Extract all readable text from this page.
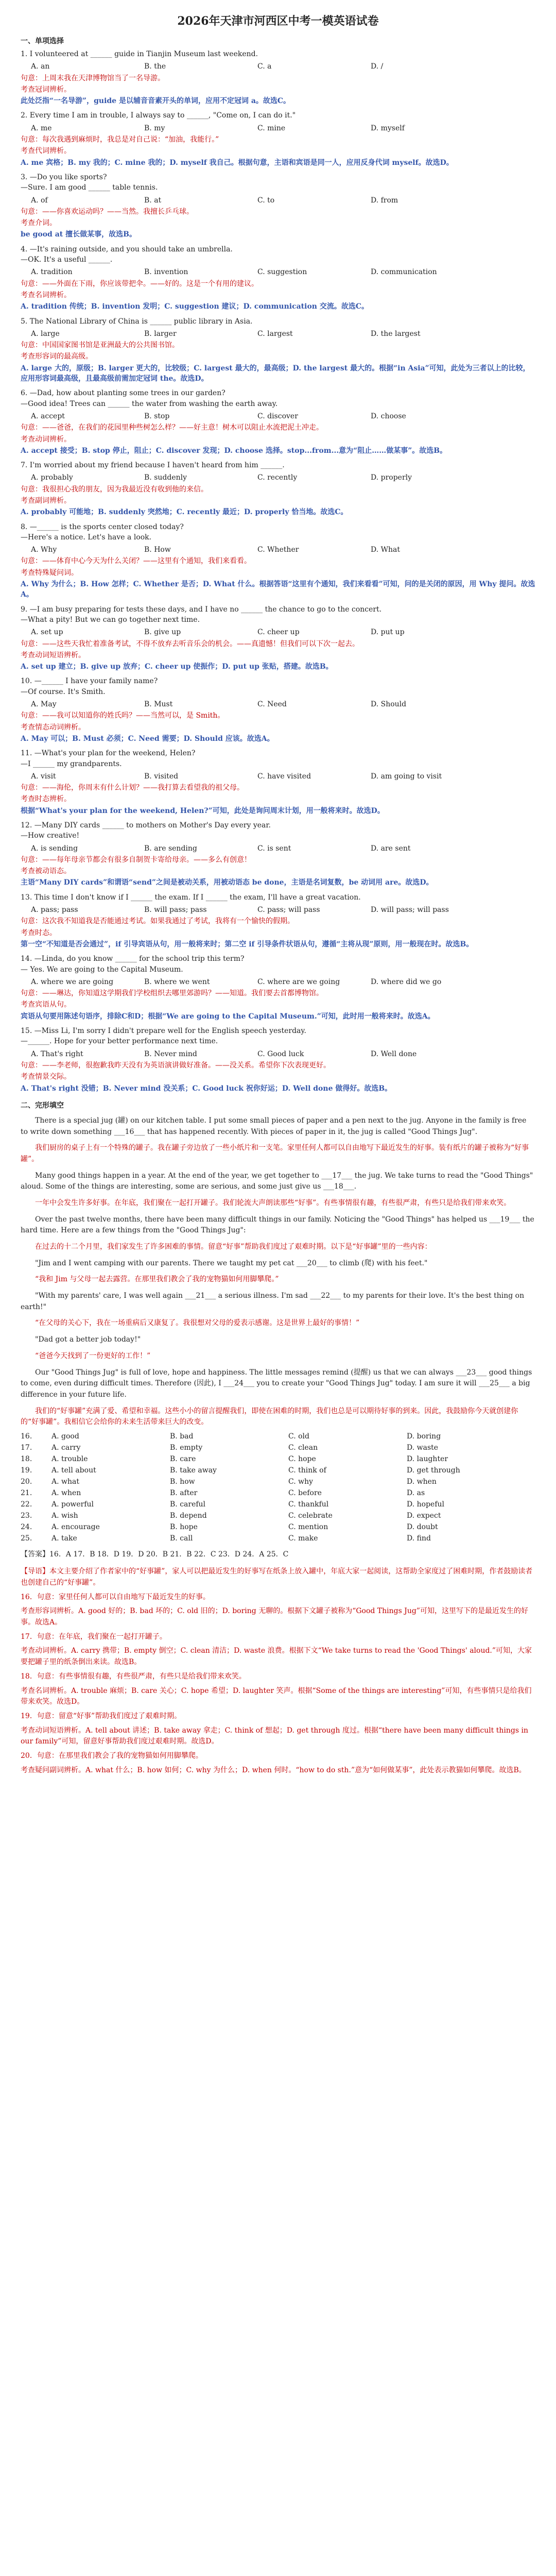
2026年天津市河西区中考一模英语试卷
一、单项选择
1. I volunteered at ______ guide in Tianjin Museum last weekend.
A. an	B. the	C. a	D. /
句意：上周末我在天津博物馆当了一名导游。
考查冠词辨析。
此处泛指“一名导游”，guide 是以辅音音素开头的单词，应用不定冠词 a。故选C。
2. Every time I am in trouble, I always say to ______, "Come on, I can do it."
A. me	B. my	C. mine	D. myself
句意：每次我遇到麻烦时，我总是对自己说：“加油，我能行。”
考查代词辨析。
A. me 宾格；B. my 我的；C. mine 我的；D. myself 我自己。根据句意，主语和宾语是同一人，应用反身代词 myself。故选D。
3. —Do you like sports?
—Sure. I am good ______ table tennis.
A. of	B. at	C. to	D. from
句意：——你喜欢运动吗？——当然。我擅长乒乓球。
考查介词。
be good at 擅长做某事，故选B。
4. —It's raining outside, and you should take an umbrella.
—OK. It's a useful ______.
A. tradition	B. invention	C. suggestion	D. communication
句意：——外面在下雨，你应该带把伞。——好的。这是一个有用的建议。
考查名词辨析。
A. tradition 传统；B. invention 发明；C. suggestion 建议；D. communication 交流。故选C。
5. The National Library of China is ______ public library in Asia.
A. large	B. larger	C. largest	D. the largest
句意：中国国家图书馆是亚洲最大的公共图书馆。
考查形容词的最高级。
A. large 大的，原级；B. larger 更大的，比较级；C. largest 最大的，最高级；D. the largest 最大的。根据“in Asia”可知，此处为三者以上的比较，应用形容词最高级，且最高级前需加定冠词 the。故选D。
6. —Dad, how about planting some trees in our garden?
—Good idea! Trees can ______ the water from washing the earth away.
A. accept	B. stop	C. discover	D. choose
句意：——爸爸，在我们的花园里种些树怎么样？——好主意！树木可以阻止水流把泥土冲走。
考查动词辨析。
A. accept 接受；B. stop 停止，阻止；C. discover 发现；D. choose 选择。stop...from...意为“阻止……做某事”。故选B。
7. I'm worried about my friend because I haven't heard from him ______.
A. probably	B. suddenly	C. recently	D. properly
句意：我很担心我的朋友，因为我最近没有收到他的来信。
考查副词辨析。
A. probably 可能地；B. suddenly 突然地；C. recently 最近；D. properly 恰当地。故选C。
8. —______ is the sports center closed today?
—Here's a notice. Let's have a look.
A. Why	B. How	C. Whether	D. What
句意：——体育中心今天为什么关闭？——这里有个通知，我们来看看。
考查特殊疑问词。
A. Why 为什么；B. How 怎样；C. Whether 是否；D. What 什么。根据答语“这里有个通知，我们来看看”可知，问的是关闭的原因，用 Why 提问。故选A。
9. —I am busy preparing for tests these days, and I have no ______ the chance to go to the concert.
—What a pity! But we can go together next time.
A. set up	B. give up	C. cheer up	D. put up
句意：——这些天我忙着准备考试，不得不放弃去听音乐会的机会。——真遗憾！但我们可以下次一起去。
考查动词短语辨析。
A. set up 建立；B. give up 放弃；C. cheer up 使振作；D. put up 张贴，搭建。故选B。
10. —______ I have your family name?
—Of course. It's Smith.
A. May	B. Must	C. Need	D. Should
句意：——我可以知道你的姓氏吗？——当然可以，是 Smith。
考查情态动词辨析。
A. May 可以；B. Must 必须；C. Need 需要；D. Should 应该。故选A。
11. —What's your plan for the weekend, Helen?
—I ______ my grandparents.
A. visit	B. visited	C. have visited	D. am going to visit
句意：——海伦，你周末有什么计划？——我打算去看望我的祖父母。
考查时态辨析。
根据“What's your plan for the weekend, Helen?”可知，此处是询问周末计划，用一般将来时。故选D。
12. —Many DIY cards ______ to mothers on Mother's Day every year.
—How creative!
A. is sending	B. are sending	C. is sent	D. are sent
句意：——每年母亲节都会有很多自制贺卡寄给母亲。——多么有创意！
考查被动语态。
主语“Many DIY cards”和谓语“send”之间是被动关系，用被动语态 be done，主语是名词复数，be 动词用 are。故选D。
13. This time I don't know if I ______ the exam. If I ______ the exam, I'll have a great vacation.
A. pass; pass	B. will pass; pass	C. pass; will pass	D. will pass; will pass
句意：这次我不知道我是否能通过考试。如果我通过了考试，我将有一个愉快的假期。
考查时态。
第一空“不知道是否会通过”，if 引导宾语从句，用一般将来时；第二空 if 引导条件状语从句，遵循“主将从现”原则，用一般现在时。故选B。
14. —Linda, do you know ______ for the school trip this term?
— Yes. We are going to the Capital Museum.
A. where we are going	B. where we went	C. where are we going	D. where did we go
句意：——琳达，你知道这学期我们学校组织去哪里郊游吗？——知道。我们要去首都博物馆。
考查宾语从句。
宾语从句要用陈述句语序，排除C和D；根据“We are going to the Capital Museum.”可知，此时用一般将来时。故选A。
15. —Miss Li, I'm sorry I didn't prepare well for the English speech yesterday.
—______. Hope for your better performance next time.
A. That's right	B. Never mind	C. Good luck	D. Well done
句意：——李老师，很抱歉我昨天没有为英语演讲做好准备。——没关系。希望你下次表现更好。
考查情景交际。
A. That's right 没错；B. Never mind 没关系；C. Good luck 祝你好运；D. Well done 做得好。故选B。
二、完形填空

There is a special jug (罐) on our kitchen table. I put some small pieces of paper and a pen next to the jug. Anyone in the family is free to write down something ___16___ that has happened recently. With pieces of paper in it, the jug is called "Good Things Jug".

我们厨房的桌子上有一个特殊的罐子。我在罐子旁边放了一些小纸片和一支笔。家里任何人都可以自由地写下最近发生的好事。装有纸片的罐子被称为“好事罐”。

Many good things happen in a year. At the end of the year, we get together to ___17___ the jug. We take turns to read the "Good Things" aloud. Some of the things are interesting, some are serious, and some just give us ___18___.

一年中会发生许多好事。在年底，我们聚在一起打开罐子。我们轮流大声朗读那些“好事”。有些事情很有趣，有些很严肃，有些只是给我们带来欢笑。

Over the past twelve months, there have been many difficult things in our family. Noticing the "Good Things" has helped us ___19___ the hard time. Here are a few things from the "Good Things Jug":

在过去的十二个月里，我们家发生了许多困难的事情。留意“好事”帮助我们度过了艰难时期。以下是“好事罐”里的一些内容：

"Jim and I went camping with our parents. There we taught my pet cat ___20___ to climb (爬) with his feet."

“我和 Jim 与父母一起去露营。在那里我们教会了我的宠物猫如何用脚攀爬。”

"With my parents' care, I was well again ___21___ a serious illness. I'm sad ___22___ to my parents for their love. It's the best thing on earth!"

“在父母的关心下，我在一场重病后又康复了。我很想对父母的爱表示感谢。这是世界上最好的事情！”

"Dad got a better job today!"

“爸爸今天找到了一份更好的工作！”

Our "Good Things Jug" is full of love, hope and happiness. The little messages remind (提醒) us that we can always ___23___ good things to come, even during difficult times. Therefore (因此), I ___24___ you to create your "Good Things Jug" today. I am sure it will ___25___ a big difference in your future life.

我们的“好事罐”充满了爱、希望和幸福。这些小小的留言提醒我们，即使在困难的时期，我们也总是可以期待好事的到来。因此，我鼓励你今天就创建你的“好事罐”。我相信它会给你的未来生活带来巨大的改变。

16.	A. good	B. bad	C. old	D. boring
17.	A. carry	B. empty	C. clean	D. waste
18.	A. trouble	B. care	C. hope	D. laughter
19.	A. tell about	B. take away	C. think of	D. get through
20.	A. what	B. how	C. why	D. when
21.	A. when	B. after	C. before	D. as
22.	A. powerful	B. careful	C. thankful	D. hopeful
23.	A. wish	B. depend	C. celebrate	D. expect
24.	A. encourage	B. hope	C. mention	D. doubt
25.	A. take	B. call	C. make	D. find
【答案】16．A 17．B 18．D 19．D 20．B 21．B 22．C 23．D 24．A 25．C
【导语】本文主要介绍了作者家中的“好事罐”，家人可以把最近发生的好事写在纸条上放入罐中，年底大家一起阅读，这帮助全家度过了困难时期，作者鼓励读者也创建自己的“好事罐”。
16．句意：家里任何人都可以自由地写下最近发生的好事。
考查形容词辨析。A. good 好的；B. bad 坏的；C. old 旧的；D. boring 无聊的。根据下文罐子被称为“Good Things Jug”可知，这里写下的是最近发生的好事。故选A。
17．句意：在年底，我们聚在一起打开罐子。
考查动词辨析。A. carry 携带；B. empty 倒空；C. clean 清洁；D. waste 浪费。根据下文“We take turns to read the 'Good Things' aloud.”可知，大家要把罐子里的纸条倒出来读。故选B。
18．句意：有些事情很有趣，有些很严肃，有些只是给我们带来欢笑。
考查名词辨析。A. trouble 麻烦；B. care 关心；C. hope 希望；D. laughter 笑声。根据“Some of the things are interesting”可知，有些事情只是给我们带来欢笑。故选D。
19．句意：留意“好事”帮助我们度过了艰难时期。
考查动词短语辨析。A. tell about 讲述；B. take away 拿走；C. think of 想起；D. get through 度过。根据“there have been many difficult things in our family”可知，留意好事帮助我们度过艰难时期。故选D。
20．句意：在那里我们教会了我的宠物猫如何用脚攀爬。
考查疑问副词辨析。A. what 什么；B. how 如何；C. why 为什么；D. when 何时。“how to do sth.”意为“如何做某事”，此处表示教猫如何攀爬。故选B。
